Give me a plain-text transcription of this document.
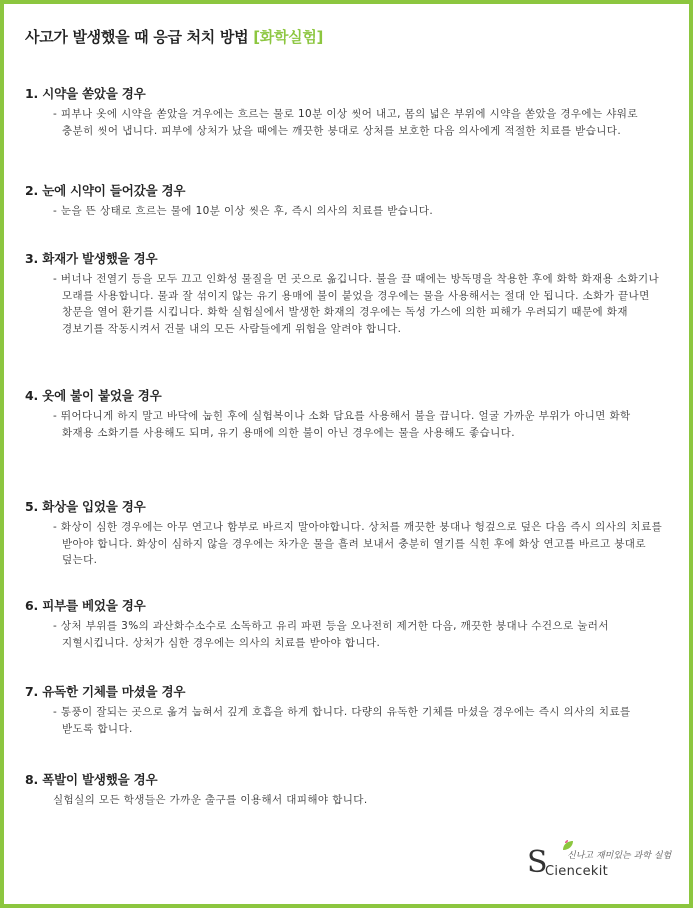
사고가 발생했을 때 응급 처치 방법 [화학실험]
1. 시약을 쏟았을 경우
- 피부나 옷에 시약을 쏟았을 겨우에는 흐르는 물로 10분 이상 씻어 내고, 몸의 넓은 부위에 시약을 쏟았을 경우에는 샤워로 충분히 씻어 냅니다. 피부에 상처가 났을 때에는 깨끗한 붕대로 상처를 보호한 다음 의사에게 적절한 치료를 받습니다.
2. 눈에 시약이 들어갔을 경우
- 눈을 뜬 상태로 흐르는 물에 10분 이상 씻은 후, 즉시 의사의 치료를 받습니다.
3. 화재가 발생했을 경우
- 버너나 전열기 등을 모두 끄고 인화성 물질을 먼 곳으로 옮깁니다. 불을 끌 때에는 방독명을 착용한 후에 화학 화재용 소화기나 모래를 사용합니다. 물과 잘 섞이지 않는 유기 용매에 불이 붙었을 경우에는 물을 사용해서는 절대 안 됩니다. 소화가 끝나면 창문을 열어 환기를 시킵니다. 화학 실험실에서 발생한 화재의 경우에는 독성 가스에 의한 피해가 우려되기 때문에 화재 경보기를 작동시켜서 건물 내의 모든 사람들에게 위험을 알려야 합니다.
4. 옷에 불이 붙었을 경우
- 뛰어다니게 하지 말고 바닥에 눕힌 후에 실험복이나 소화 담요를 사용해서 불을 끕니다. 얼굴 가까운 부위가 아니면 화학 화재용 소화기를 사용해도 되며, 유기 용매에 의한 불이 아닌 경우에는 물을 사용해도 좋습니다.
5. 화상을 입었을 경우
- 화상이 심한 경우에는 아무 연고나 함부로 바르지 말아야합니다. 상처를 깨끗한 붕대나 헝겊으로 덮은 다음 즉시 의사의 치료를 받아야 합니다. 화상이 심하지 않을 경우에는 차가운 물을 흘려 보내서 충분히 열기를 식힌 후에 화상 연고를 바르고 붕대로 덮는다.
6. 피부를 베었을 경우
- 상처 부위를 3%의 과산화수소수로 소독하고 유리 파편 등을 오나전히 제거한 다음, 깨끗한 붕대나 수건으로 눌러서 지혈시킵니다. 상처가 심한 경우에는 의사의 치료를 받아야 합니다.
7. 유독한 기체를 마셨을 경우
- 통풍이 잘되는 곳으로 옮겨 눕혀서 깊게 호흡을 하게 합니다. 다량의 유독한 기체를 마셨을 경우에는 즉시 의사의 치료를 받도록 합니다.
8. 폭발이 발생했을 경우
실험실의 모든 학생들은 가까운 출구를 이용해서 대피해야 합니다.
신나고 재미있는 과학 실험
S
Ciencekit
